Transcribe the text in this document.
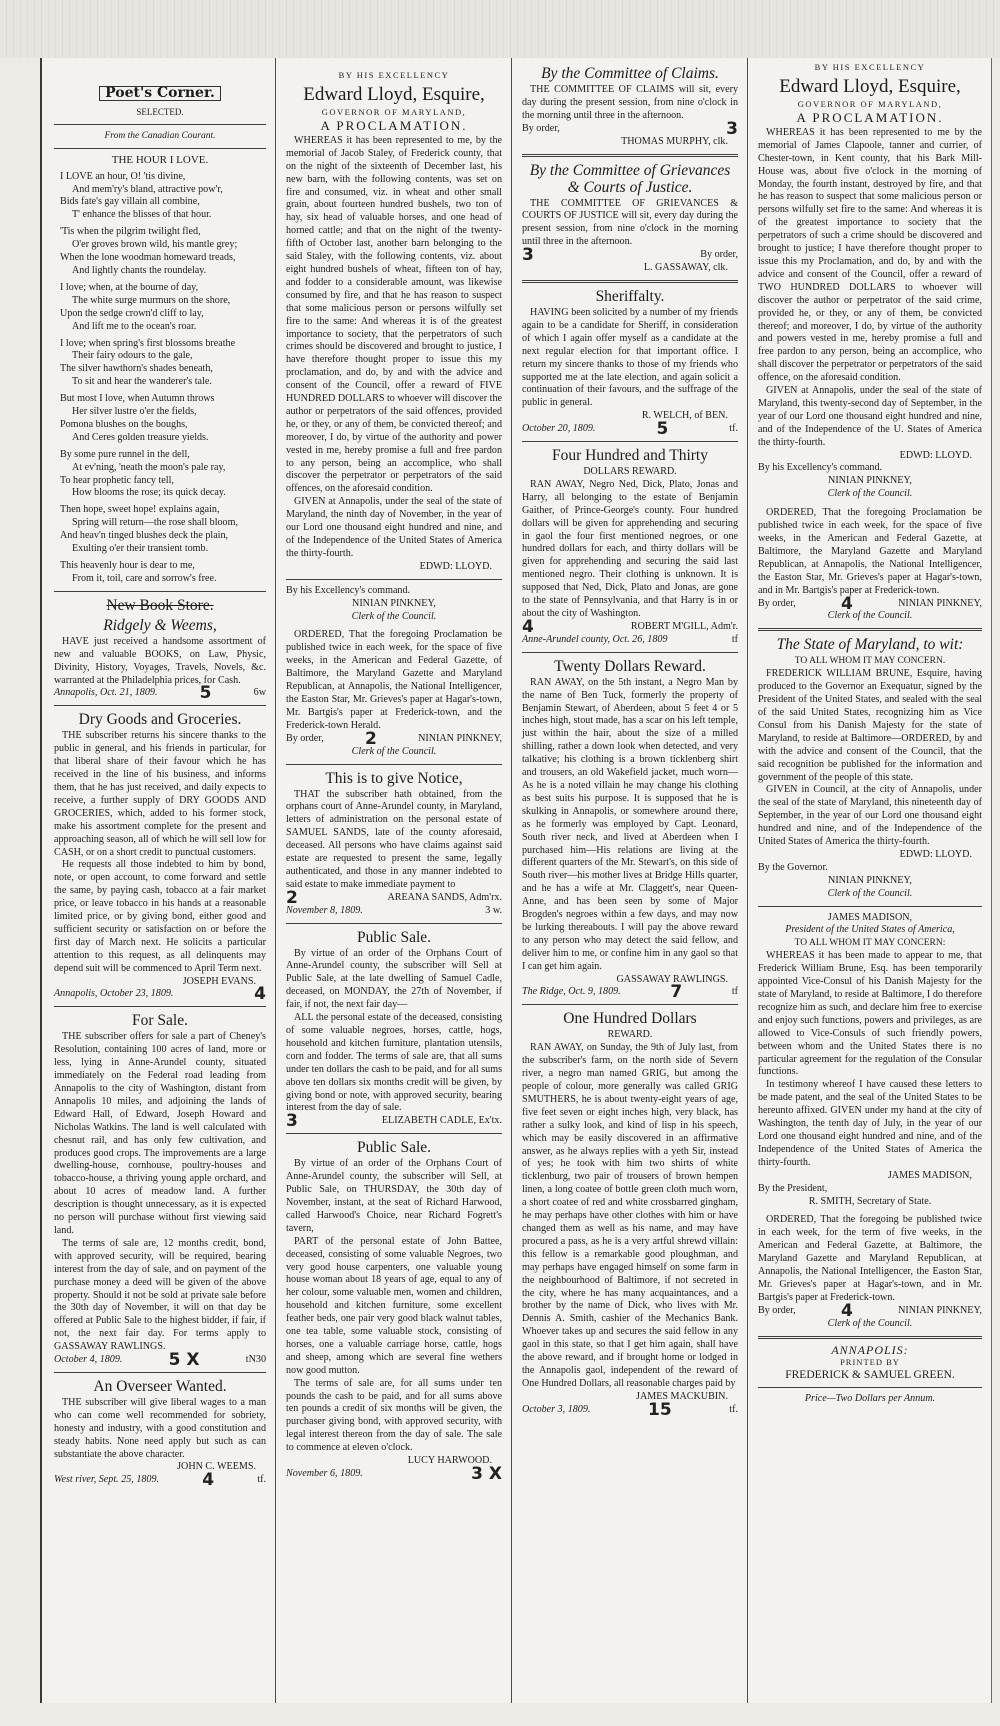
Poet's Corner.
SELECTED.
From the Canadian Courant.
THE HOUR I LOVE.
I LOVE an hour, O! 'tis divine,
And mem'ry's bland, attractive pow'r,
Bids fate's gay villain all combine,
T' enhance the blisses of that hour.
'Tis when the pilgrim twilight fled,
O'er groves brown wild, his mantle grey;
When the lone woodman homeward treads,
And lightly chants the roundelay.
I love; when, at the bourne of day,
The white surge murmurs on the shore,
Upon the sedge crown'd cliff to lay,
And lift me to the ocean's roar.
I love; when spring's first blossoms breathe
Their fairy odours to the gale,
The silver hawthorn's shades beneath,
To sit and hear the wanderer's tale.
But most I love, when Autumn throws
Her silver lustre o'er the fields,
Pomona blushes on the boughs,
And Ceres golden treasure yields.
By some pure runnel in the dell,
At ev'ning, 'neath the moon's pale ray,
To hear prophetic fancy tell,
How blooms the rose; its quick decay.
Then hope, sweet hope! explains again,
Spring will return—the rose shall bloom,
And heav'n tinged blushes deck the plain,
Exulting o'er their transient tomb.
This heavenly hour is dear to me,
From it, toil, care and sorrow's free.
New Book Store.
Ridgely & Weems,

HAVE just received a handsome assortment of new and valuable BOOKS, on Law, Physic, Divinity, History, Voyages, Travels, Novels, &c. warranted at the Philadelphia prices, for Cash.

Annapolis, Oct. 21, 1809. 5	6w
Dry Goods and Groceries.

THE subscriber returns his sincere thanks to the public in general, and his friends in particular, for that liberal share of their favour which he has received in the line of his business, and informs them, that he has just received, and daily expects to receive, a further supply of DRY GOODS AND GROCERIES, which, added to his former stock, make his assortment complete for the present and approaching season, all of which he will sell low for CASH, or on a short credit to punctual customers.

He requests all those indebted to him by bond, note, or open account, to come forward and settle the same, by paying cash, tobacco at a fair market price, or leave tobacco in his hands at a reasonable limited price, or by giving bond, either good and sufficient security or satisfaction on or before the first day of March next. He solicits a particular attention to this request, as all delinquents may depend suit will be commenced to April Term next.

JOSEPH EVANS.
Annapolis, October 23, 1809.	4
For Sale.

THE subscriber offers for sale a part of Cheney's Resolution, containing 100 acres of land, more or less, lying in Anne-Arundel county, situated immediately on the Federal road leading from Annapolis to the city of Washington, distant from Annapolis 10 miles, and adjoining the lands of Edward Hall, of Edward, Joseph Howard and Nicholas Watkins. The land is well calculated with chesnut rail, and has only few cultivation, and produces good crops. The improvements are a large dwelling-house, cornhouse, poultry-houses and tobacco-house, a thriving young apple orchard, and about 10 acres of meadow land. A further description is thought unnecessary, as it is expected no person will purchase without first viewing said land.

The terms of sale are, 12 months credit, bond, with approved security, will be required, bearing interest from the day of sale, and on payment of the purchase money a deed will be given of the above property. Should it not be sold at private sale before the 30th day of November, it will on that day be offered at Public Sale to the highest bidder, if fair, if not, the next fair day. For terms apply to GASSAWAY RAWLINGS.

October 4, 1809.	5 X	tN30
An Overseer Wanted.

THE subscriber will give liberal wages to a man who can come well recommended for sobriety, honesty and industry, with a good constitution and steady habits. None need apply but such as can substantiate the above character.

JOHN C. WEEMS.
West river, Sept. 25, 1809.	4	tf.
BY HIS EXCELLENCY
Edward Lloyd, Esquire,
GOVERNOR OF MARYLAND,
A PROCLAMATION.

WHEREAS it has been represented to me, by the memorial of Jacob Staley, of Frederick county, that on the night of the sixteenth of December last, his new barn, with the following contents, was set on fire and consumed, viz. in wheat and other small grain, about fourteen hundred bushels, two ton of hay, six head of valuable horses, and one head of horned cattle; and that on the night of the twenty-fifth of October last, another barn belonging to the said Staley, with the following contents, viz. about eight hundred bushels of wheat, fifteen ton of hay, and fodder to a considerable amount, was likewise consumed by fire, and that he has reason to suspect that some malicious person or persons wilfully set fire to the same: And whereas it is of the greatest importance to society, that the perpetrators of such crimes should be discovered and brought to justice, I have therefore thought proper to issue this my proclamation, and do, by and with the advice and consent of the Council, offer a reward of FIVE HUNDRED DOLLARS to whoever will discover the author or perpetrators of the said offences, provided he, or they, or any of them, be convicted thereof; and moreover, I do, by virtue of the authority and power vested in me, hereby promise a full and free pardon to any person, being an accomplice, who shall discover the perpetrator or perpetrators of the said offences, on the aforesaid condition.

GIVEN at Annapolis, under the seal of the state of Maryland, the ninth day of November, in the year of our Lord one thousand eight hundred and nine, and of the Independence of the United States of America the thirty-fourth.

EDWD: LLOYD.
By his Excellency's command.
NINIAN PINKNEY,
Clerk of the Council.

ORDERED, That the foregoing Proclamation be published twice in each week, for the space of five weeks, in the American and Federal Gazette, of Baltimore, the Maryland Gazette and Maryland Republican, at Annapolis, the National Intelligencer, the Easton Star, Mr. Grieves's paper at Hagar's-town, Mr. Bartgis's paper at Frederick-town, and the Frederick-town Herald.

By order, 2	NINIAN PINKNEY,
Clerk of the Council.
This is to give Notice,

THAT the subscriber hath obtained, from the orphans court of Anne-Arundel county, in Maryland, letters of administration on the personal estate of SAMUEL SANDS, late of the county aforesaid, deceased. All persons who have claims against said estate are requested to present the same, legally authenticated, and those in any manner indebted to said estate to make immediate payment to

2	AREANA SANDS, Adm'rx.
November 8, 1809.	3 w.
Public Sale.

By virtue of an order of the Orphans Court of Anne-Arundel county, the subscriber will Sell at Public Sale, at the late dwelling of Samuel Cadle, deceased, on MONDAY, the 27th of November, if fair, if not, the next fair day—

ALL the personal estate of the deceased, consisting of some valuable negroes, horses, cattle, hogs, household and kitchen furniture, plantation utensils, corn and fodder. The terms of sale are, that all sums under ten dollars the cash to be paid, and for all sums above ten dollars six months credit will be given, by giving bond or note, with approved security, bearing interest from the day of sale.

3	ELIZABETH CADLE, Ex'tx.
Public Sale.

By virtue of an order of the Orphans Court of Anne-Arundel county, the subscriber will Sell, at Public Sale, on THURSDAY, the 30th day of November, instant, at the seat of Richard Harwood, called Harwood's Choice, near Richard Fogrett's tavern,

PART of the personal estate of John Battee, deceased, consisting of some valuable Negroes, two very good house carpenters, one valuable young house woman about 18 years of age, equal to any of her colour, some valuable men, women and children, household and kitchen furniture, some excellent feather beds, one pair very good black walnut tables, one tea table, some valuable stock, consisting of horses, one a valuable carriage horse, cattle, hogs and sheep, among which are several fine wethers now good mutton.

The terms of sale are, for all sums under ten pounds the cash to be paid, and for all sums above ten pounds a credit of six months will be given, the purchaser giving bond, with approved security, with legal interest thereon from the day of sale. The sale to commence at eleven o'clock.

LUCY HARWOOD.
November 6, 1809.	3 X
By the Committee of Claims.

THE COMMITTEE OF CLAIMS will sit, every day during the present session, from nine o'clock in the morning until three in the afternoon.

By order,	3
THOMAS MURPHY, clk.
By the Committee of Grievances & Courts of Justice.

THE COMMITTEE OF GRIEVANCES & COURTS OF JUSTICE will sit, every day during the present session, from nine o'clock in the morning until three in the afternoon.

3	By order,
L. GASSAWAY, clk.
Sheriffalty.

HAVING been solicited by a number of my friends again to be a candidate for Sheriff, in consideration of which I again offer myself as a candidate at the next regular election for that important office. I return my sincere thanks to those of my friends who supported me at the late election, and again solicit a continuation of their favours, and the suffrage of the public in general.

R. WELCH, of BEN.
October 20, 1809.	5	tf.
Four Hundred and Thirty
DOLLARS REWARD.

RAN AWAY, Negro Ned, Dick, Plato, Jonas and Harry, all belonging to the estate of Benjamin Gaither, of Prince-George's county. Four hundred dollars will be given for apprehending and securing in gaol the four first mentioned negroes, or one hundred dollars for each, and thirty dollars will be given for apprehending and securing the said last mentioned negro. Their clothing is unknown. It is supposed that Ned, Dick, Plato and Jonas, are gone to the state of Pennsylvania, and that Harry is in or about the city of Washington.

4	ROBERT M'GILL, Adm'r.
Anne-Arundel county, Oct. 26, 1809	tf
Twenty Dollars Reward.

RAN AWAY, on the 5th instant, a Negro Man by the name of Ben Tuck, formerly the property of Benjamin Stewart, of Aberdeen, about 5 feet 4 or 5 inches high, stout made, has a scar on his left temple, just within the hair, about the size of a milled shilling, rather a down look when detected, and very talkative; his clothing is a brown ticklenberg shirt and trousers, an old Wakefield jacket, much worn—As he is a noted villain he may change his clothing as best suits his purpose. It is supposed that he is skulking in Annapolis, or somewhere around there, as he formerly was employed by Capt. Leonard, South river neck, and lived at Aberdeen when I purchased him—His relations are living at the different quarters of the Mr. Stewart's, on this side of South river—his mother lives at Bridge Hills quarter, and he has a wife at Mr. Claggett's, near Queen-Anne, and has been seen by some of Major Brogden's negroes within a few days, and may now be lurking thereabouts. I will pay the above reward to any person who may detect the said fellow, and deliver him to me, or confine him in any gaol so that I can get him again.

GASSAWAY RAWLINGS.
The Ridge, Oct. 9, 1809.	7	tf
One Hundred Dollars
REWARD.

RAN AWAY, on Sunday, the 9th of July last, from the subscriber's farm, on the north side of Severn river, a negro man named GRIG, but among the people of colour, more generally was called GRIG SMUTHERS, he is about twenty-eight years of age, five feet seven or eight inches high, very black, has rather a sulky look, and kind of lisp in his speech, which may be easily discovered in an affirmative answer, as he always replies with a yeth Sir, instead of yes; he took with him two shirts of white ticklenburg, two pair of trousers of brown hempen linen, a long coatee of bottle green cloth much worn, a short coatee of red and white crossbarred gingham, he may perhaps have other clothes with him or have changed them as well as his name, and may have procured a pass, as he is a very artful shrewd villain: this fellow is a remarkable good ploughman, and may perhaps have engaged himself on some farm in the neighbourhood of Baltimore, if not secreted in the city, where he has many acquaintances, and a brother by the name of Dick, who lives with Mr. Dennis A. Smith, cashier of the Mechanics Bank. Whoever takes up and secures the said fellow in any gaol in this state, so that I get him again, shall have the above reward, and if brought home or lodged in the Annapolis gaol, independent of the reward of One Hundred Dollars, all reasonable charges paid by

JAMES MACKUBIN.
October 3, 1809.	15	tf.
BY HIS EXCELLENCY
Edward Lloyd, Esquire,
GOVERNOR OF MARYLAND,
A PROCLAMATION.

WHEREAS it has been represented to me by the memorial of James Clapoole, tanner and currier, of Chester-town, in Kent county, that his Bark Mill-House was, about five o'clock in the morning of Monday, the fourth instant, destroyed by fire, and that he has reason to suspect that some malicious person or persons wilfully set fire to the same: And whereas it is of the greatest importance to society that the perpetrators of such a crime should be discovered and brought to justice; I have therefore thought proper to issue this my Proclamation, and do, by and with the advice and consent of the Council, offer a reward of TWO HUNDRED DOLLARS to whoever will discover the author or perpetrator of the said crime, provided he, or they, or any of them, be convicted thereof; and moreover, I do, by virtue of the authority and powers vested in me, hereby promise a full and free pardon to any person, being an accomplice, who shall discover the perpetrator or perpetrators of the said offence, on the aforesaid condition.

GIVEN at Annapolis, under the seal of the state of Maryland, this twenty-second day of September, in the year of our Lord one thousand eight hundred and nine, and of the Independence of the U. States of America the thirty-fourth.

EDWD: LLOYD.
By his Excellency's command.
NINIAN PINKNEY,
Clerk of the Council.

ORDERED, That the foregoing Proclamation be published twice in each week, for the space of five weeks, in the American and Federal Gazette, at Baltimore, the Maryland Gazette and Maryland Republican, at Annapolis, the National Intelligencer, the Easton Star, Mr. Grieves's paper at Hagar's-town, and in Mr. Bartgis's paper at Frederick-town.

By order,	4	NINIAN PINKNEY,
Clerk of the Council.
The State of Maryland, to wit:
TO ALL WHOM IT MAY CONCERN.

FREDERICK WILLIAM BRUNE, Esquire, having produced to the Governor an Exequatur, signed by the President of the United States, and sealed with the seal of the said United States, recognizing him as Vice Consul from his Danish Majesty for the state of Maryland, to reside at Baltimore—ORDERED, by and with the advice and consent of the Council, that the said recognition be published for the information and government of the people of this state.

GIVEN in Council, at the city of Annapolis, under the seal of the state of Maryland, this nineteenth day of September, in the year of our Lord one thousand eight hundred and nine, and of the Independence of the United States of America the thirty-fourth.

EDWD: LLOYD.
By the Governor.
NINIAN PINKNEY,
Clerk of the Council.
JAMES MADISON,
President of the United States of America,
TO ALL WHOM IT MAY CONCERN:

WHEREAS it has been made to appear to me, that Frederick William Brune, Esq. has been temporarily appointed Vice-Consul of his Danish Majesty for the state of Maryland, to reside at Baltimore, I do therefore recognize him as such, and declare him free to exercise and enjoy such functions, powers and privileges, as are allowed to Vice-Consuls of such friendly powers, between whom and the United States there is no particular agreement for the regulation of the Consular functions.

In testimony whereof I have caused these letters to be made patent, and the seal of the United States to be hereunto affixed. GIVEN under my hand at the city of Washington, the tenth day of July, in the year of our Lord one thousand eight hundred and nine, and of the Independence of the United States of America the thirty-fourth.

JAMES MADISON,
By the President,
R. SMITH, Secretary of State.

ORDERED, That the foregoing be published twice in each week, for the term of five weeks, in the American and Federal Gazette, at Baltimore, the Maryland Gazette and Maryland Republican, at Annapolis, the National Intelligencer, the Easton Star, Mr. Grieves's paper at Hagar's-town, and in Mr. Bartgis's paper at Frederick-town.

By order,	4	NINIAN PINKNEY,
Clerk of the Council.
ANNAPOLIS:
PRINTED BY
FREDERICK & SAMUEL GREEN.
Price—Two Dollars per Annum.
